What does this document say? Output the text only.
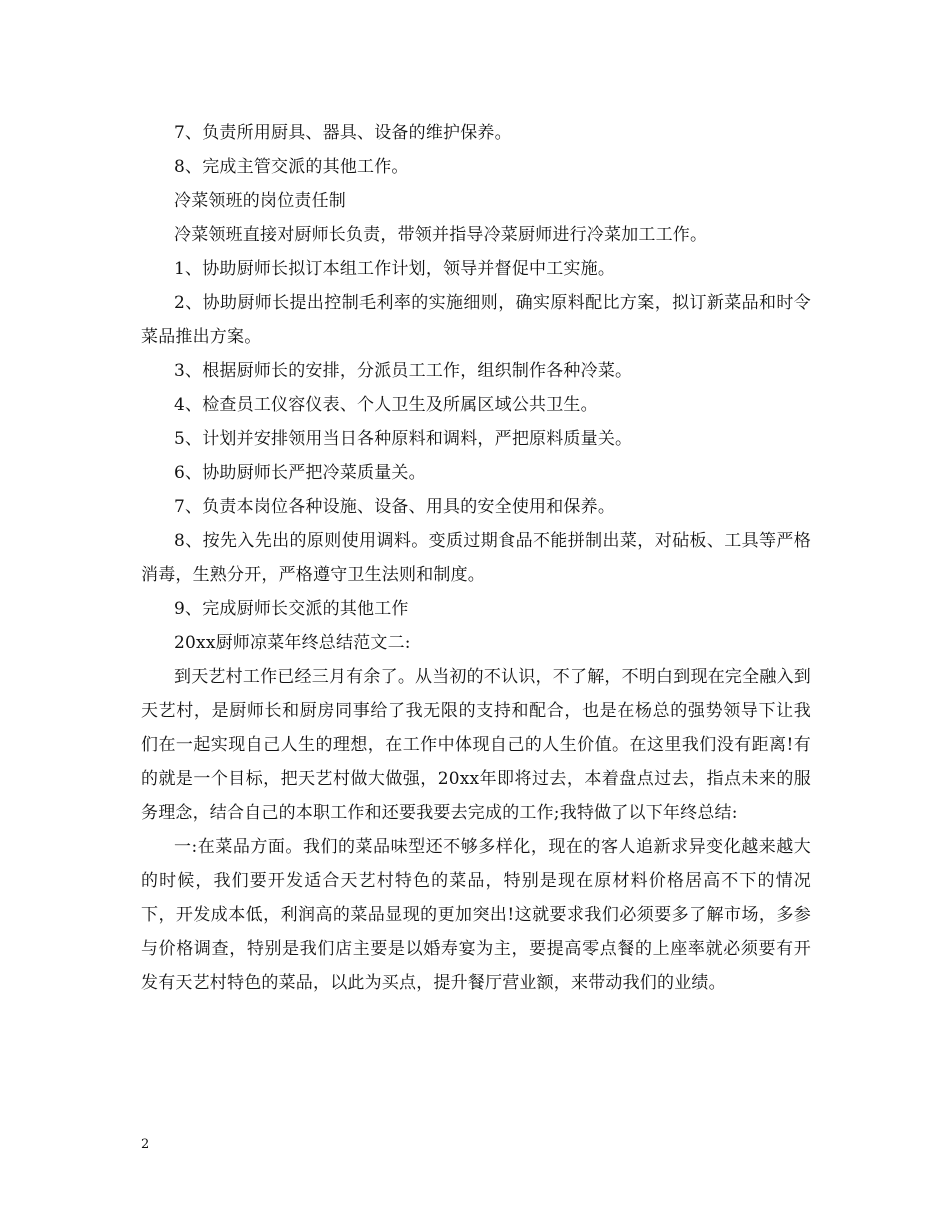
7、负责所用厨具、器具、设备的维护保养。

8、完成主管交派的其他工作。

冷菜领班的岗位责任制

冷菜领班直接对厨师长负责，带领并指导冷菜厨师进行冷菜加工工作。

1、协助厨师长拟订本组工作计划，领导并督促中工实施。

2、协助厨师长提出控制毛利率的实施细则，确实原料配比方案，拟订新菜品和时令菜品推出方案。

3、根据厨师长的安排，分派员工工作，组织制作各种冷菜。

4、检查员工仪容仪表、个人卫生及所属区域公共卫生。

5、计划并安排领用当日各种原料和调料，严把原料质量关。

6、协助厨师长严把冷菜质量关。

7、负责本岗位各种设施、设备、用具的安全使用和保养。

8、按先入先出的原则使用调料。变质过期食品不能拼制出菜，对砧板、工具等严格消毒，生熟分开，严格遵守卫生法则和制度。

9、完成厨师长交派的其他工作

20xx厨师凉菜年终总结范文二:

到天艺村工作已经三月有余了。从当初的不认识，不了解，不明白到现在完全融入到天艺村，是厨师长和厨房同事给了我无限的支持和配合，也是在杨总的强势领导下让我们在一起实现自己人生的理想，在工作中体现自己的人生价值。在这里我们没有距离!有的就是一个目标，把天艺村做大做强，20xx年即将过去，本着盘点过去，指点未来的服务理念，结合自己的本职工作和还要我要去完成的工作;我特做了以下年终总结:

一:在菜品方面。我们的菜品味型还不够多样化，现在的客人追新求异变化越来越大的时候，我们要开发适合天艺村特色的菜品，特别是现在原材料价格居高不下的情况下，开发成本低，利润高的菜品显现的更加突出!这就要求我们必须要多了解市场，多参与价格调查，特别是我们店主要是以婚寿宴为主，要提高零点餐的上座率就必须要有开发有天艺村特色的菜品，以此为买点，提升餐厅营业额，来带动我们的业绩。

2
